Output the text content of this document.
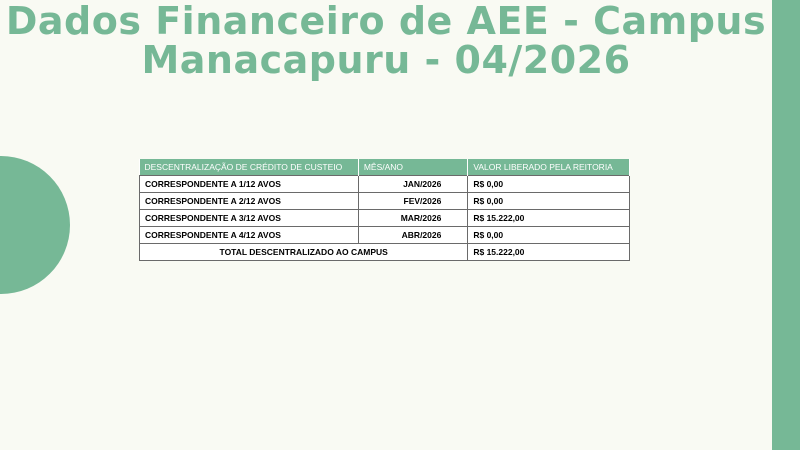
Dados Financeiro de AEE - Campus
Manacapuru - 04/2026
DESCENTRALIZAÇÃO DE CRÉDITO DE CUSTEIO	MÊS/ANO	VALOR LIBERADO PELA REITORIA
CORRESPONDENTE A 1/12 AVOS	JAN/2026	R$ 0,00
CORRESPONDENTE A 2/12 AVOS	FEV/2026	R$ 0,00
CORRESPONDENTE A 3/12 AVOS	MAR/2026	R$ 15.222,00
CORRESPONDENTE A 4/12 AVOS	ABR/2026	R$ 0,00
TOTAL DESCENTRALIZADO AO CAMPUS		R$ 15.222,00
